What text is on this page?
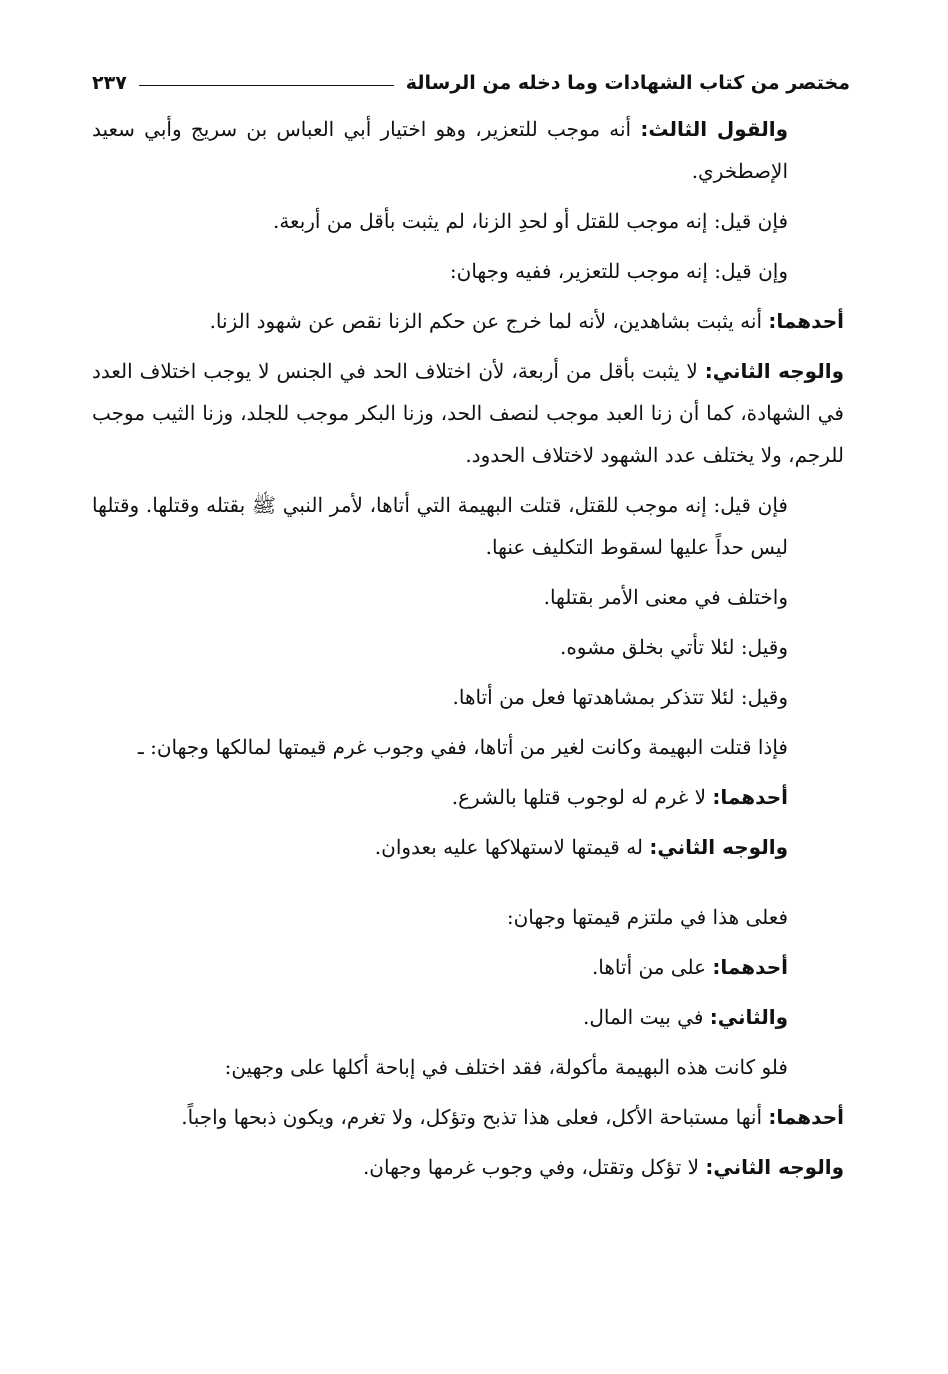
مختصر من كتاب الشهادات وما دخله من الرسالة
٢٣٧

والقول الثالث: أنه موجب للتعزير، وهو اختيار أبي العباس بن سريج وأبي سعيد الإصطخري.

فإن قيل: إنه موجب للقتل أو لحدِ الزنا، لم يثبت بأقل من أربعة.

وإن قيل: إنه موجب للتعزير، ففيه وجهان:

أحدهما: أنه يثبت بشاهدين، لأنه لما خرج عن حكم الزنا نقص عن شهود الزنا.

والوجه الثاني: لا يثبت بأقل من أربعة، لأن اختلاف الحد في الجنس لا يوجب اختلاف العدد في الشهادة، كما أن زنا العبد موجب لنصف الحد، وزنا البكر موجب للجلد، وزنا الثيب موجب للرجم، ولا يختلف عدد الشهود لاختلاف الحدود.

فإن قيل: إنه موجب للقتل، قتلت البهيمة التي أتاها، لأمر النبي ﷺ بقتله وقتلها. وقتلها ليس حداً عليها لسقوط التكليف عنها.

واختلف في معنى الأمر بقتلها.

وقيل: لئلا تأتي بخلق مشوه.

وقيل: لئلا تتذكر بمشاهدتها فعل من أتاها.

فإذا قتلت البهيمة وكانت لغير من أتاها، ففي وجوب غرم قيمتها لمالكها وجهان: ـ

أحدهما: لا غرم له لوجوب قتلها بالشرع.

والوجه الثاني: له قيمتها لاستهلاكها عليه بعدوان.

فعلى هذا في ملتزم قيمتها وجهان:

أحدهما: على من أتاها.

والثاني: في بيت المال.

فلو كانت هذه البهيمة مأكولة، فقد اختلف في إباحة أكلها على وجهين:

أحدهما: أنها مستباحة الأكل، فعلى هذا تذبح وتؤكل، ولا تغرم، ويكون ذبحها واجباً.

والوجه الثاني: لا تؤكل وتقتل، وفي وجوب غرمها وجهان.
